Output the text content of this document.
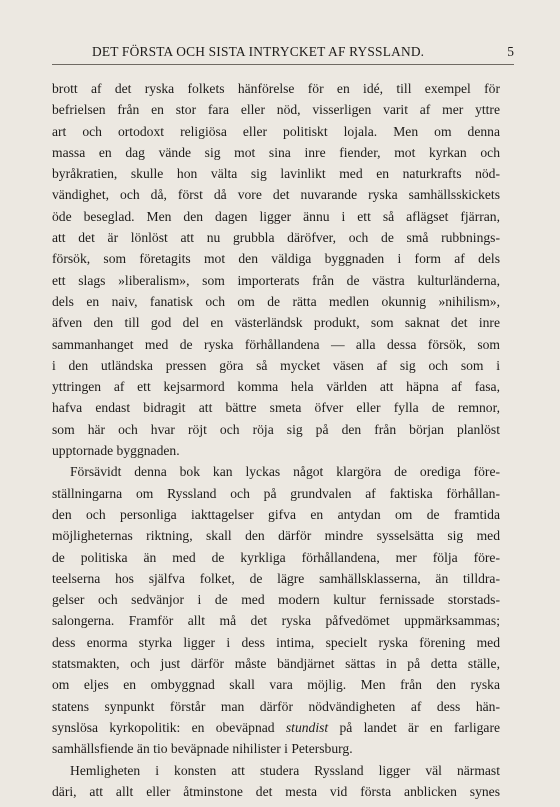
DET FÖRSTA OCH SISTA INTRYCKET AF RYSSLAND.	5
brott af det ryska folkets hänförelse för en idé, till exempel för
befrielsen från en stor fara eller nöd, visserligen varit af mer yttre
art och ortodoxt religiösa eller politiskt lojala. Men om denna
massa en dag vände sig mot sina inre fiender, mot kyrkan och
byråkratien, skulle hon välta sig lavinlikt med en naturkrafts nöd-
vändighet, och då, först då vore det nuvarande ryska samhällsskickets
öde beseglad. Men den dagen ligger ännu i ett så aflägset fjärran,
att det är lönlöst att nu grubbla däröfver, och de små rubbnings-
försök, som företagits mot den väldiga byggnaden i form af dels
ett slags »liberalism», som importerats från de västra kulturländerna,
dels en naiv, fanatisk och om de rätta medlen okunnig »nihilism»,
äfven den till god del en västerländsk produkt, som saknat det inre
sammanhanget med de ryska förhållandena — alla dessa försök, som
i den utländska pressen göra så mycket väsen af sig och som i
yttringen af ett kejsarmord komma hela världen att häpna af fasa,
hafva endast bidragit att bättre smeta öfver eller fylla de remnor,
som här och hvar röjt och röja sig på den från början planlöst
upptornade byggnaden.
Försävidt denna bok kan lyckas något klargöra de orediga före-
ställningarna om Ryssland och på grundvalen af faktiska förhållan-
den och personliga iakttagelser gifva en antydan om de framtida
möjligheternas riktning, skall den därför mindre sysselsätta sig med
de politiska än med de kyrkliga förhållandena, mer följa före-
teelserna hos själfva folket, de lägre samhällsklasserna, än tilldra-
gelser och sedvänjor i de med modern kultur fernissade storstads-
salongerna. Framför allt må det ryska påfvedömet uppmärksammas;
dess enorma styrka ligger i dess intima, specielt ryska förening med
statsmakten, och just därför måste bändjärnet sättas in på detta ställe,
om eljes en ombyggnad skall vara möjlig. Men från den ryska
statens synpunkt förstår man därför nödvändigheten af dess hän-
synslösa kyrkopolitik: en obeväpnad stundist på landet är en farligare
samhällsfiende än tio beväpnade nihilister i Petersburg.
Hemligheten i konsten att studera Ryssland ligger väl närmast
däri, att allt eller åtminstone det mesta vid första anblicken synes
